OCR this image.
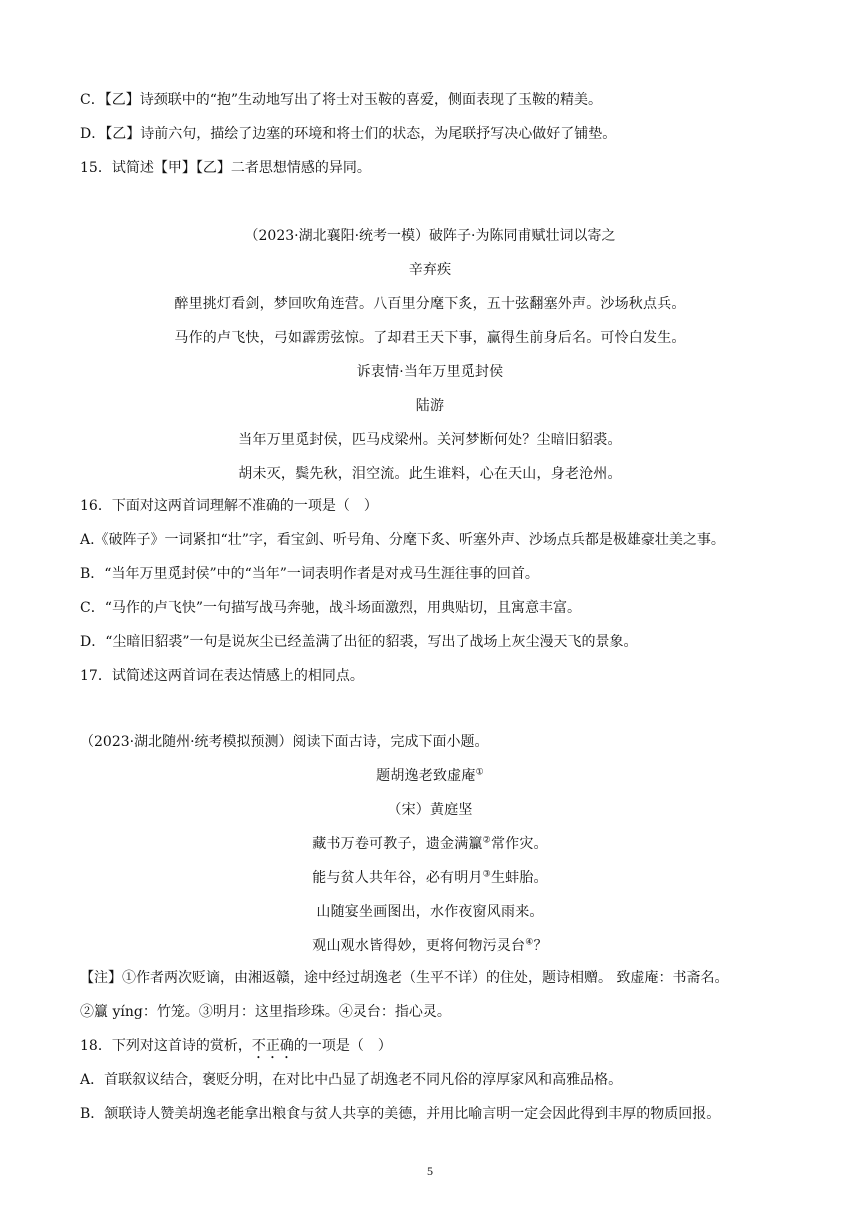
C．【乙】诗颈联中的“抱”生动地写出了将士对玉鞍的喜爱，侧面表现了玉鞍的精美。
D．【乙】诗前六句，描绘了边塞的环境和将士们的状态，为尾联抒写决心做好了铺垫。
15．试简述【甲】【乙】二者思想情感的异同。
（2023·湖北襄阳·统考一模）破阵子·为陈同甫赋壮词以寄之
辛弃疾
醉里挑灯看剑，梦回吹角连营。八百里分麾下炙，五十弦翻塞外声。沙场秋点兵。
马作的卢飞快，弓如霹雳弦惊。了却君王天下事，赢得生前身后名。可怜白发生。
诉衷情·当年万里觅封侯
陆游
当年万里觅封侯，匹马戍梁州。关河梦断何处？尘暗旧貂裘。
胡未灭，鬓先秋，泪空流。此生谁料，心在天山，身老沧州。
16．下面对这两首词理解不准确的一项是（　）
A.《破阵子》一词紧扣“壮”字，看宝剑、听号角、分麾下炙、听塞外声、沙场点兵都是极雄豪壮美之事。
B．“当年万里觅封侯”中的“当年”一词表明作者是对戎马生涯往事的回首。
C．“马作的卢飞快”一句描写战马奔驰，战斗场面激烈，用典贴切，且寓意丰富。
D．“尘暗旧貂裘”一句是说灰尘已经盖满了出征的貂裘，写出了战场上灰尘漫天飞的景象。
17．试简述这两首词在表达情感上的相同点。
（2023·湖北随州·统考模拟预测）阅读下面古诗，完成下面小题。
题胡逸老致虚庵①
（宋）黄庭坚
藏书万卷可教子，遗金满籯②常作灾。
能与贫人共年谷，必有明月③生蚌胎。
山随宴坐画图出，水作夜窗风雨来。
观山观水皆得妙，更将何物污灵台④？
【注】①作者两次贬谪，由湘返赣，途中经过胡逸老（生平不详）的住处，题诗相赠。 致虚庵：书斋名。
②籯 yíng：竹笼。③明月：这里指珍珠。④灵台：指心灵。
18．下列对这首诗的赏析，不正确的一项是（　）
A．首联叙议结合，褒贬分明，在对比中凸显了胡逸老不同凡俗的淳厚家风和高雅品格。
B．颔联诗人赞美胡逸老能拿出粮食与贫人共享的美德，并用比喻言明一定会因此得到丰厚的物质回报。
5
